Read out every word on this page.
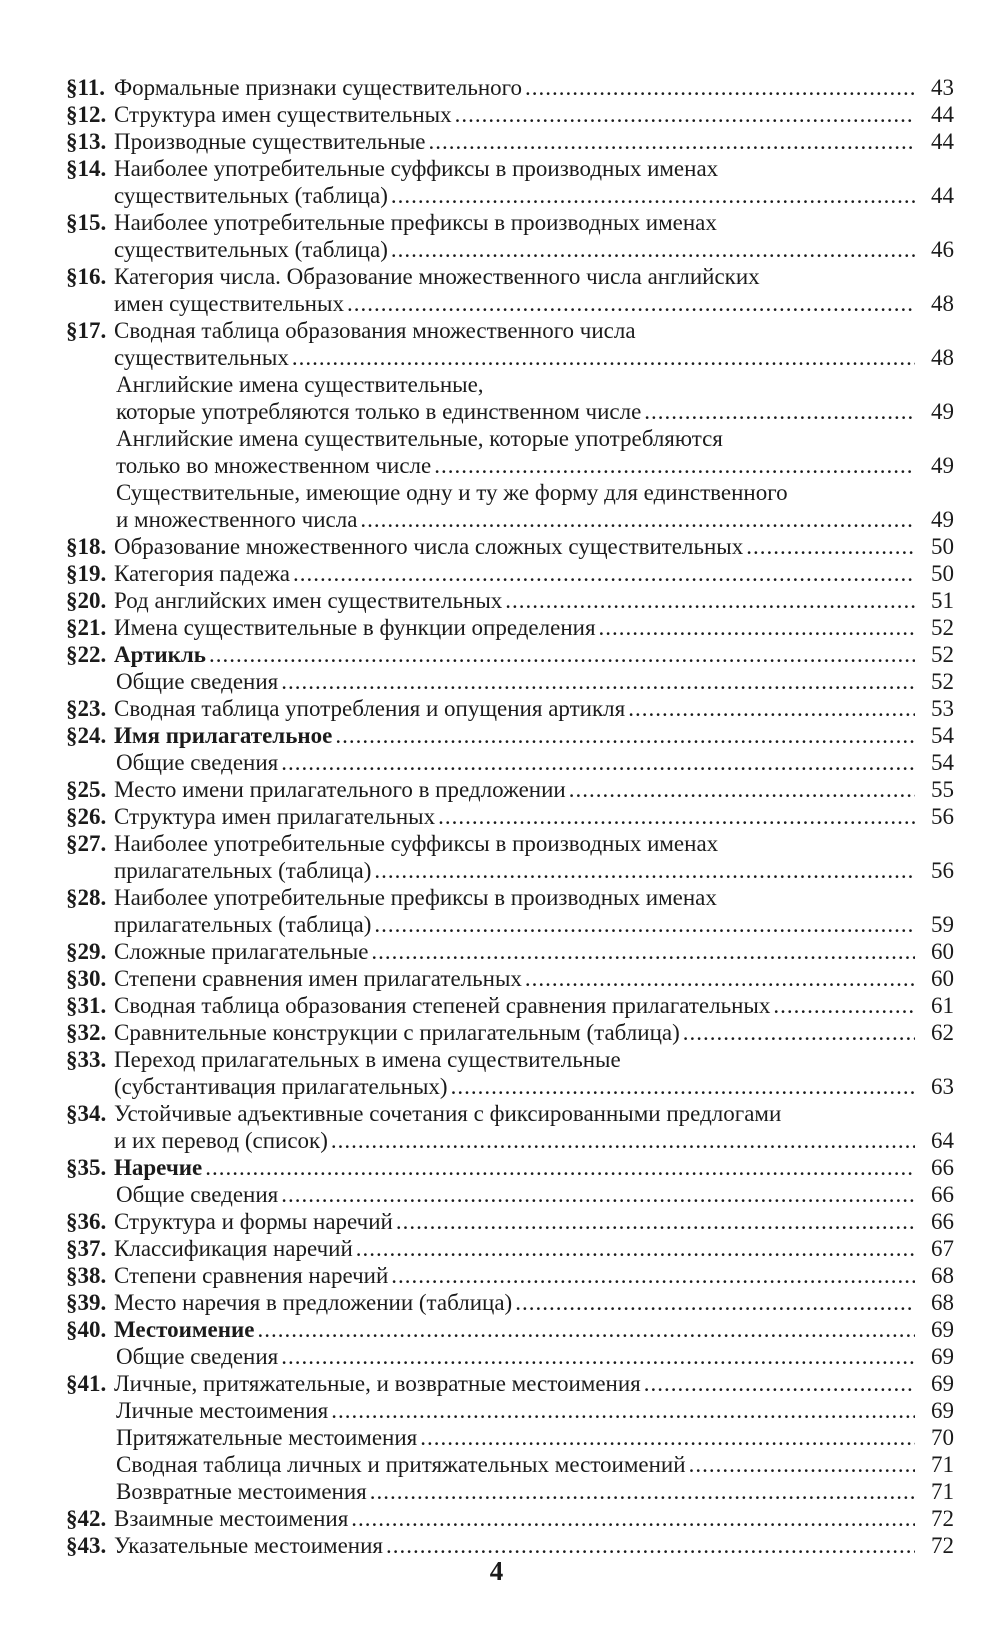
§11. Формальные признаки существительного .....	43
§12. Структура имен существительных .....	44
§13. Производные существительные .....	44
§14. Наиболее употребительные суффиксы в производных именах
существительных (таблица) .....	44
§15. Наиболее употребительные префиксы в производных именах
существительных (таблица) .....	46
§16. Категория числа. Образование множественного числа английских
имен существительных .....	48
§17. Сводная таблица образования множественного числа
существительных .....	48
Английские имена существительные,
которые употребляются только в единственном числе .....	49
Английские имена существительные, которые употребляются
только во множественном числе .....	49
Существительные, имеющие одну и ту же форму для единственного
и множественного числа .....	49
§18. Образование множественного числа сложных существительных .....	50
§19. Категория падежа .....	50
§20. Род английских имен существительных .....	51
§21. Имена существительные в функции определения .....	52
§22. Артикль .....	52
Общие сведения .....	52
§23. Сводная таблица употребления и опущения артикля .....	53
§24. Имя прилагательное .....	54
Общие сведения .....	54
§25. Место имени прилагательного в предложении .....	55
§26. Структура имен прилагательных .....	56
§27. Наиболее употребительные суффиксы в производных именах
прилагательных (таблица) .....	56
§28. Наиболее употребительные префиксы в производных именах
прилагательных (таблица) .....	59
§29. Сложные прилагательные .....	60
§30. Степени сравнения имен прилагательных .....	60
§31. Сводная таблица образования степеней сравнения прилагательных .....	61
§32. Сравнительные конструкции с прилагательным (таблица) .....	62
§33. Переход прилагательных в имена существительные
(субстантивация прилагательных) .....	63
§34. Устойчивые адъективные сочетания с фиксированными предлогами
и их перевод (список) .....	64
§35. Наречие .....	66
Общие сведения .....	66
§36. Структура и формы наречий .....	66
§37. Классификация наречий .....	67
§38. Степени сравнения наречий .....	68
§39. Место наречия в предложении (таблица) .....	68
§40. Местоимение .....	69
Общие сведения .....	69
§41. Личные, притяжательные, и возвратные местоимения .....	69
Личные местоимения .....	69
Притяжательные местоимения .....	70
Сводная таблица личных и притяжательных местоимений .....	71
Возвратные местоимения .....	71
§42. Взаимные местоимения .....	72
§43. Указательные местоимения .....	72
4
